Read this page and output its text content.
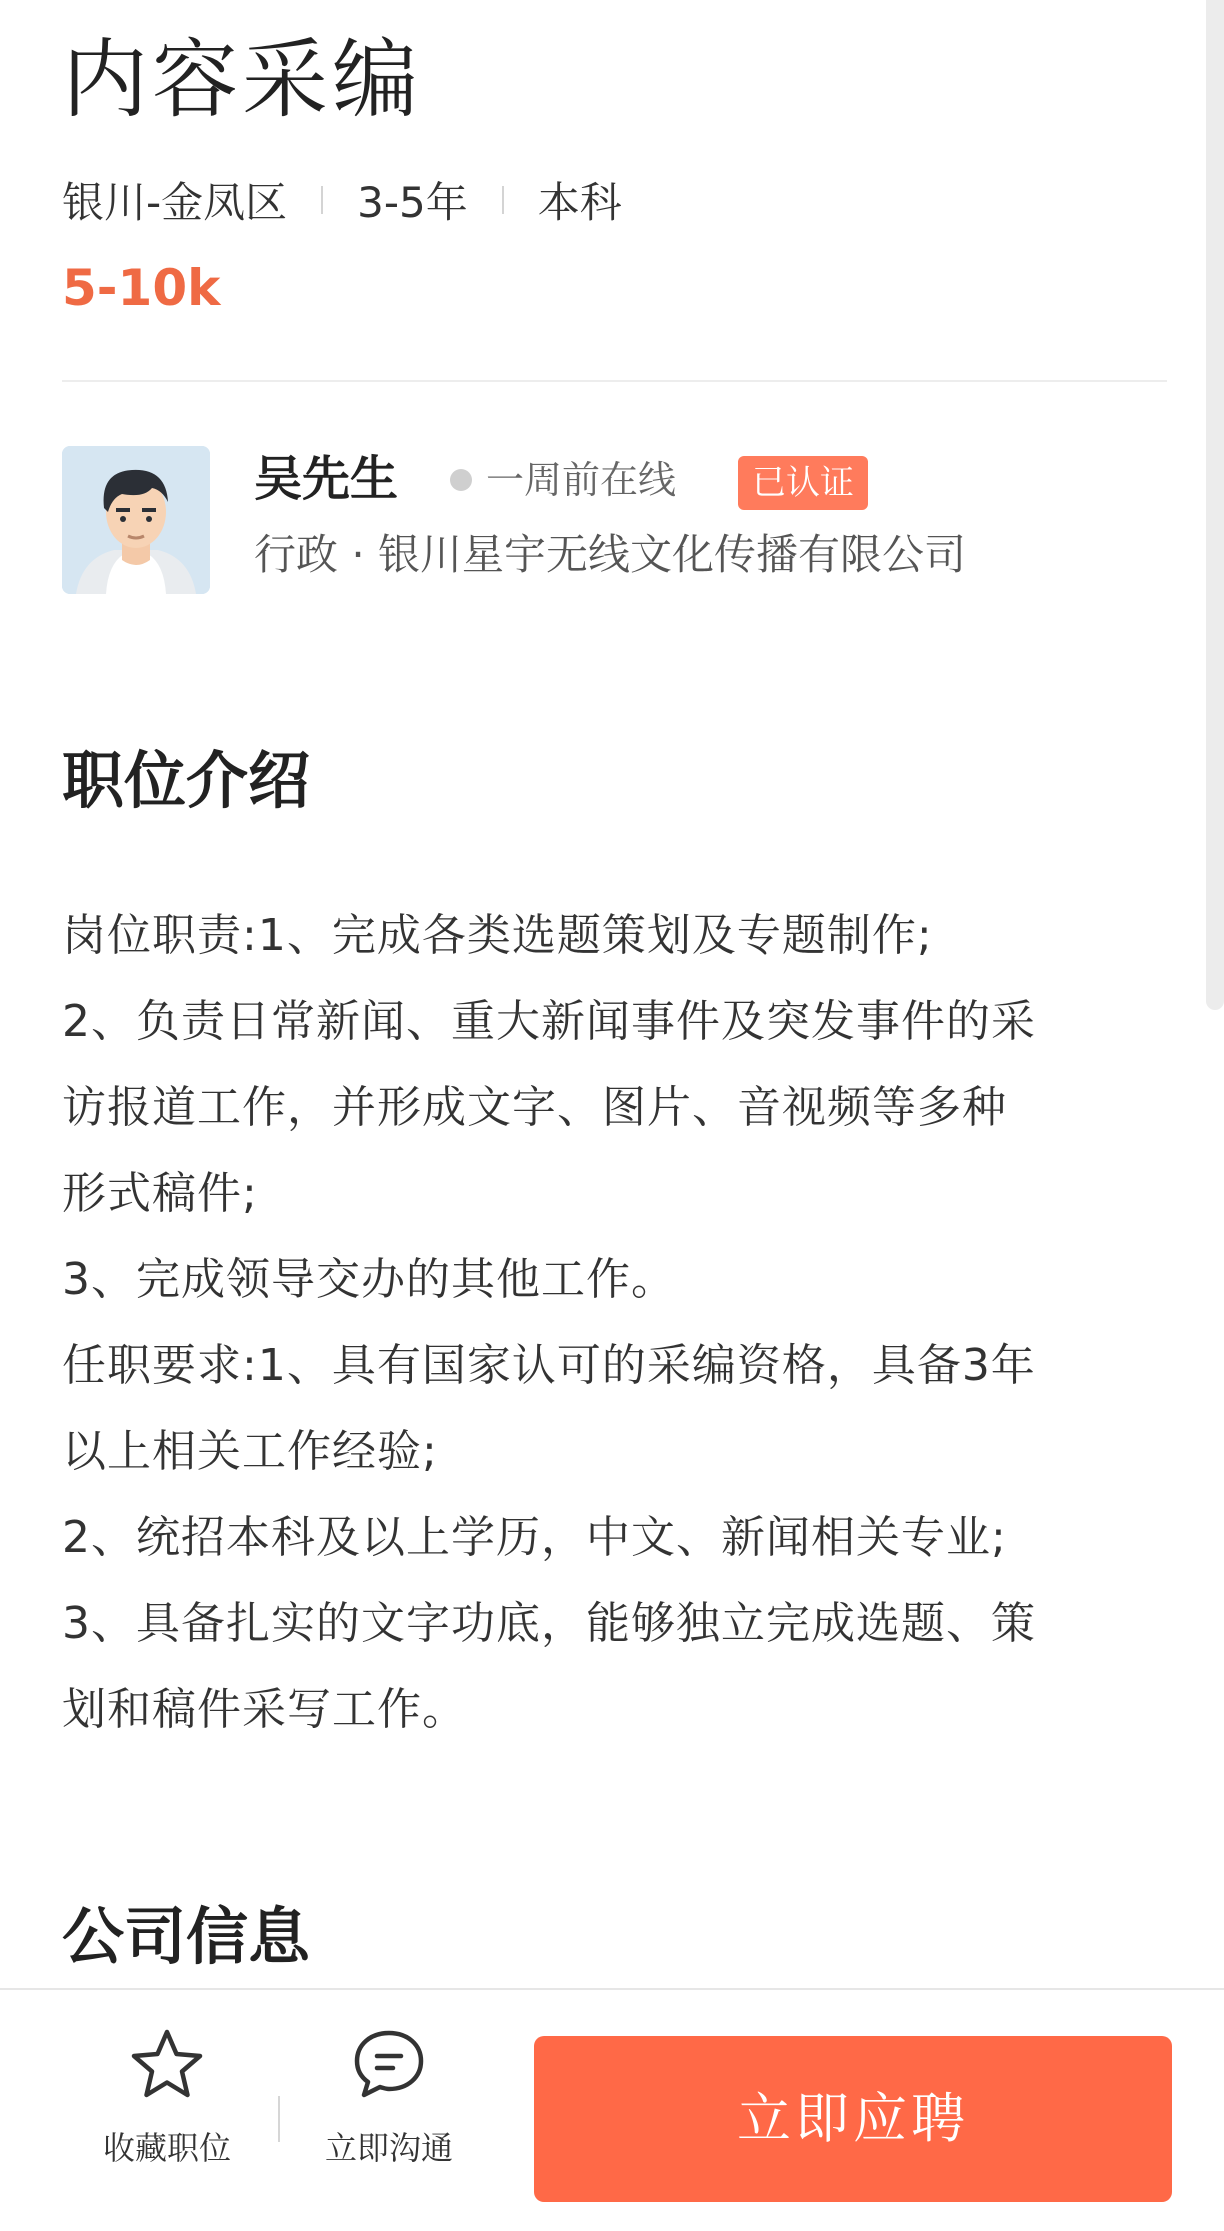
内容采编
银川-金凤区 3-5年 本科
5-10k
吴先生 一周前在线	已认证
行政 · 银川星宇无线文化传播有限公司
职位介绍
岗位职责:1、完成各类选题策划及专题制作;
2、负责日常新闻、重大新闻事件及突发事件的采
访报道工作，并形成文字、图片、音视频等多种
形式稿件;
3、完成领导交办的其他工作。
任职要求:1、具有国家认可的采编资格，具备3年
以上相关工作经验;
2、统招本科及以上学历，中文、新闻相关专业;
3、具备扎实的文字功底，能够独立完成选题、策
划和稿件采写工作。
公司信息
收藏职位	立即沟通	立即应聘
